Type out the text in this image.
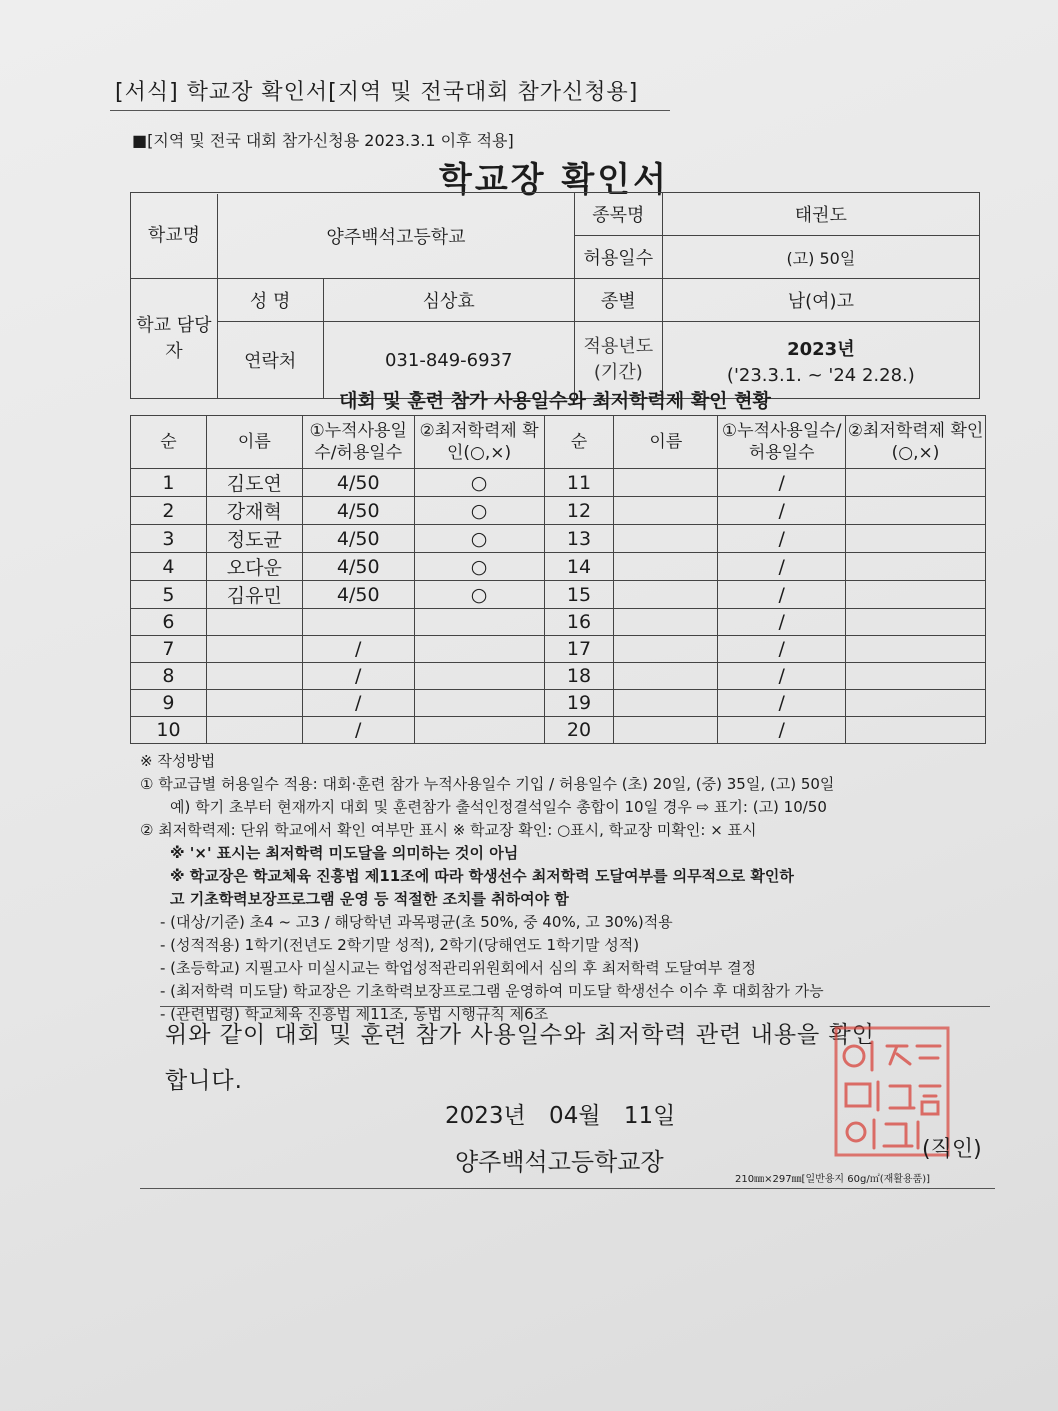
[서식] 학교장 확인서[지역 및 전국대회 참가신청용]
■[지역 및 전국 대회 참가신청용 2023.3.1 이후 적용]
학교장 확인서
학교명 양주백석고등학교			종목명	태권도
			허용일수	(고) 50일
학교 담당자	성 명	심상효	종별	남(여)고
	연락처	031-849-6937	적용년도 (기간)	2023년
('23.3.1. ~ '24 2.28.)
대회 및 훈련 참가 사용일수와 최저학력제 확인 현황
순	이름	①누적사용일수/허용일수	②최저학력제 확인(○,×)	순	이름	①누적사용일수/허용일수	②최저학력제 확인(○,×)
1	김도연	4/50	○	11		/	
2	강재혁	4/50	○	12		/	
3	정도균	4/50	○	13		/	
4	오다운	4/50	○	14		/	
5	김유민	4/50	○	15		/	
6				16		/	
7		/		17		/	
8		/		18		/	
9		/		19		/	
10		/		20		/	
※ 작성방법
① 학교급별 허용일수 적용: 대회·훈련 참가 누적사용일수 기입 / 허용일수 (초) 20일, (중) 35일, (고) 50일
예) 학기 초부터 현재까지 대회 및 훈련참가 출석인정결석일수 총합이 10일 경우 ⇨ 표기: (고) 10/50
② 최저학력제: 단위 학교에서 확인 여부만 표시 ※ 학교장 확인: ○표시, 학교장 미확인: × 표시
※ '×' 표시는 최저학력 미도달을 의미하는 것이 아님
※ 학교장은 학교체육 진흥법 제11조에 따라 학생선수 최저학력 도달여부를 의무적으로 확인하
고 기초학력보장프로그램 운영 등 적절한 조치를 취하여야 함
- (대상/기준) 초4 ~ 고3 / 해당학년 과목평균(초 50%, 중 40%, 고 30%)적용
- (성적적용) 1학기(전년도 2학기말 성적), 2학기(당해연도 1학기말 성적)
- (초등학교) 지필고사 미실시교는 학업성적관리위원회에서 심의 후 최저학력 도달여부 결정
- (최저학력 미도달) 학교장은 기초학력보장프로그램 운영하여 미도달 학생선수 이수 후 대회참가 가능
- (관련법령) 학교체육 진흥법 제11조, 동법 시행규칙 제6조
위와 같이 대회 및 훈련 참가 사용일수와 최저학력 관련 내용을 확인
합니다.
2023년 04월 11일
양주백석고등학교장	(직인)
210㎜×297㎜[일반용지 60g/㎡(재활용품)]
